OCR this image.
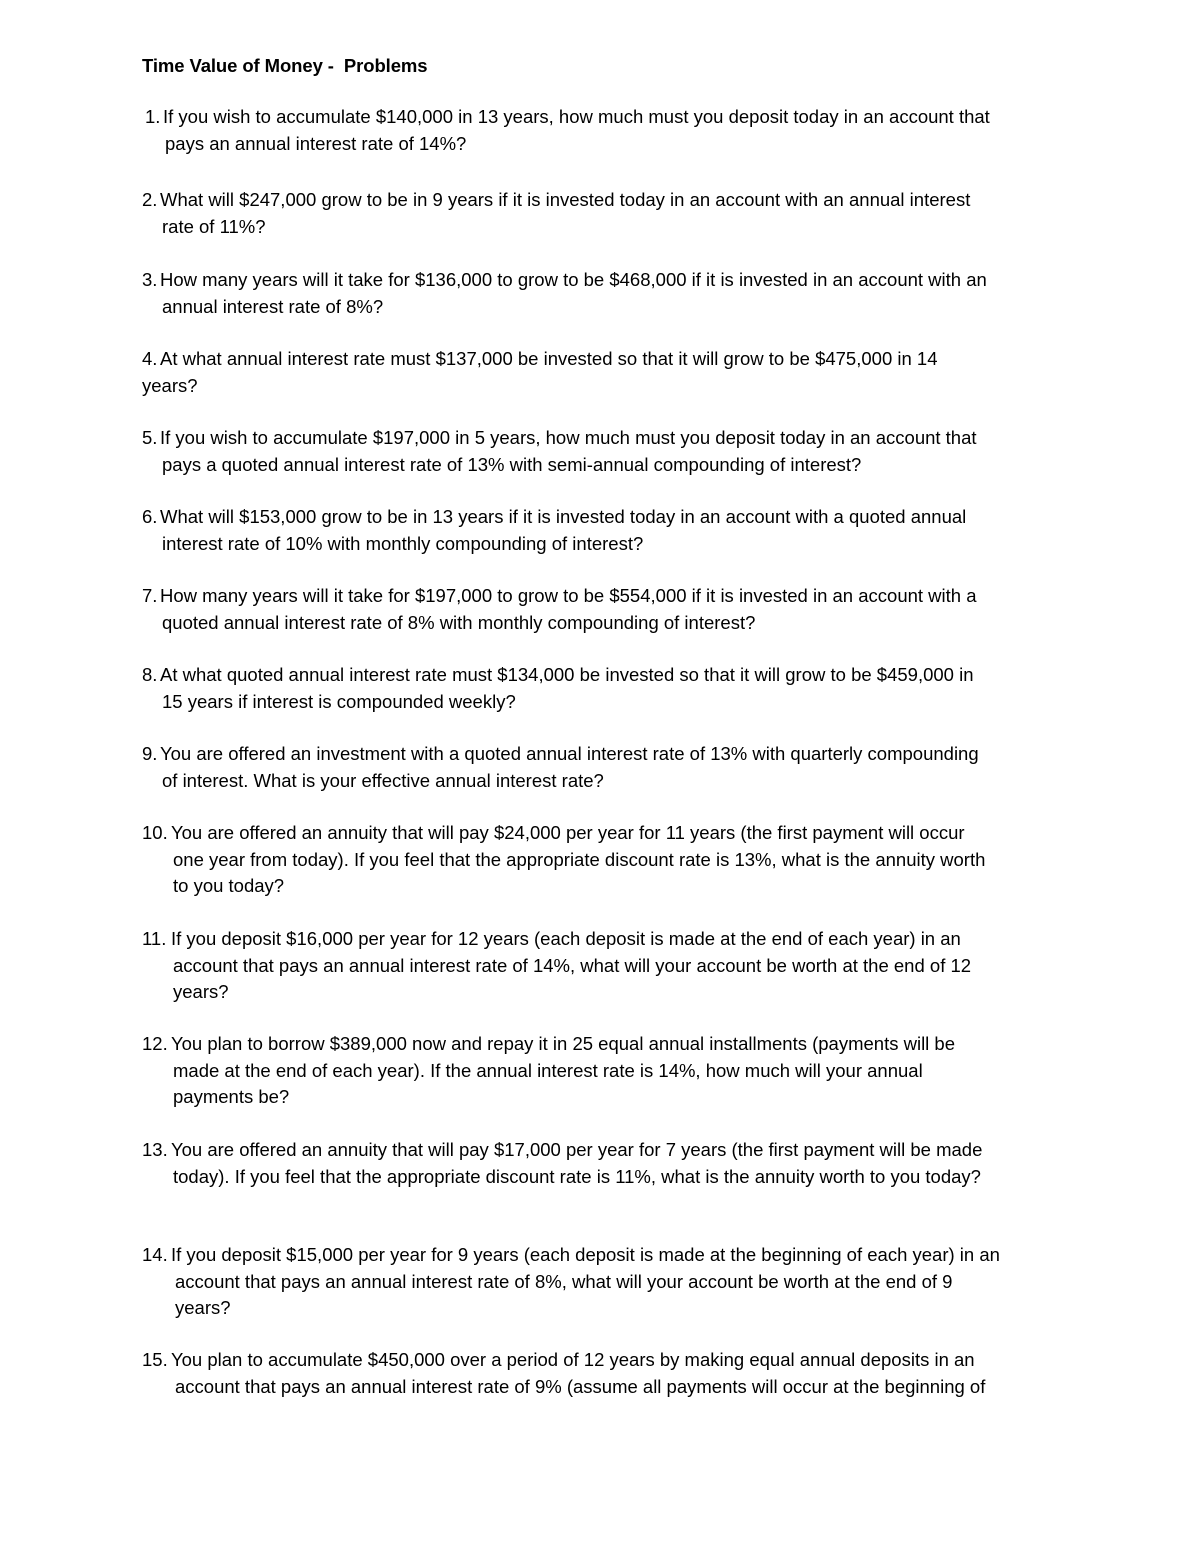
Time Value of Money -  Problems
1. If you wish to accumulate $140,000 in 13 years, how much must you deposit today in an account that
pays an annual interest rate of 14%?
2. What will $247,000 grow to be in 9 years if it is invested today in an account with an annual interest
rate of 11%?
3. How many years will it take for $136,000 to grow to be $468,000 if it is invested in an account with an
annual interest rate of 8%?
4. At what annual interest rate must $137,000 be invested so that it will grow to be $475,000 in 14
years?
5. If you wish to accumulate $197,000 in 5 years, how much must you deposit today in an account that
pays a quoted annual interest rate of 13% with semi-annual compounding of interest?
6. What will $153,000 grow to be in 13 years if it is invested today in an account with a quoted annual
interest rate of 10% with monthly compounding of interest?
7. How many years will it take for $197,000 to grow to be $554,000 if it is invested in an account with a
quoted annual interest rate of 8% with monthly compounding of interest?
8. At what quoted annual interest rate must $134,000 be invested so that it will grow to be $459,000 in
15 years if interest is compounded weekly?
9. You are offered an investment with a quoted annual interest rate of 13% with quarterly compounding
of interest. What is your effective annual interest rate?
10. You are offered an annuity that will pay $24,000 per year for 11 years (the first payment will occur
one year from today). If you feel that the appropriate discount rate is 13%, what is the annuity worth
to you today?
11. If you deposit $16,000 per year for 12 years (each deposit is made at the end of each year) in an
account that pays an annual interest rate of 14%, what will your account be worth at the end of 12
years?
12. You plan to borrow $389,000 now and repay it in 25 equal annual installments (payments will be
made at the end of each year). If the annual interest rate is 14%, how much will your annual
payments be?
13. You are offered an annuity that will pay $17,000 per year for 7 years (the first payment will be made
today). If you feel that the appropriate discount rate is 11%, what is the annuity worth to you today?
14. If you deposit $15,000 per year for 9 years (each deposit is made at the beginning of each year) in an
account that pays an annual interest rate of 8%, what will your account be worth at the end of 9
years?
15. You plan to accumulate $450,000 over a period of 12 years by making equal annual deposits in an
account that pays an annual interest rate of 9% (assume all payments will occur at the beginning of
